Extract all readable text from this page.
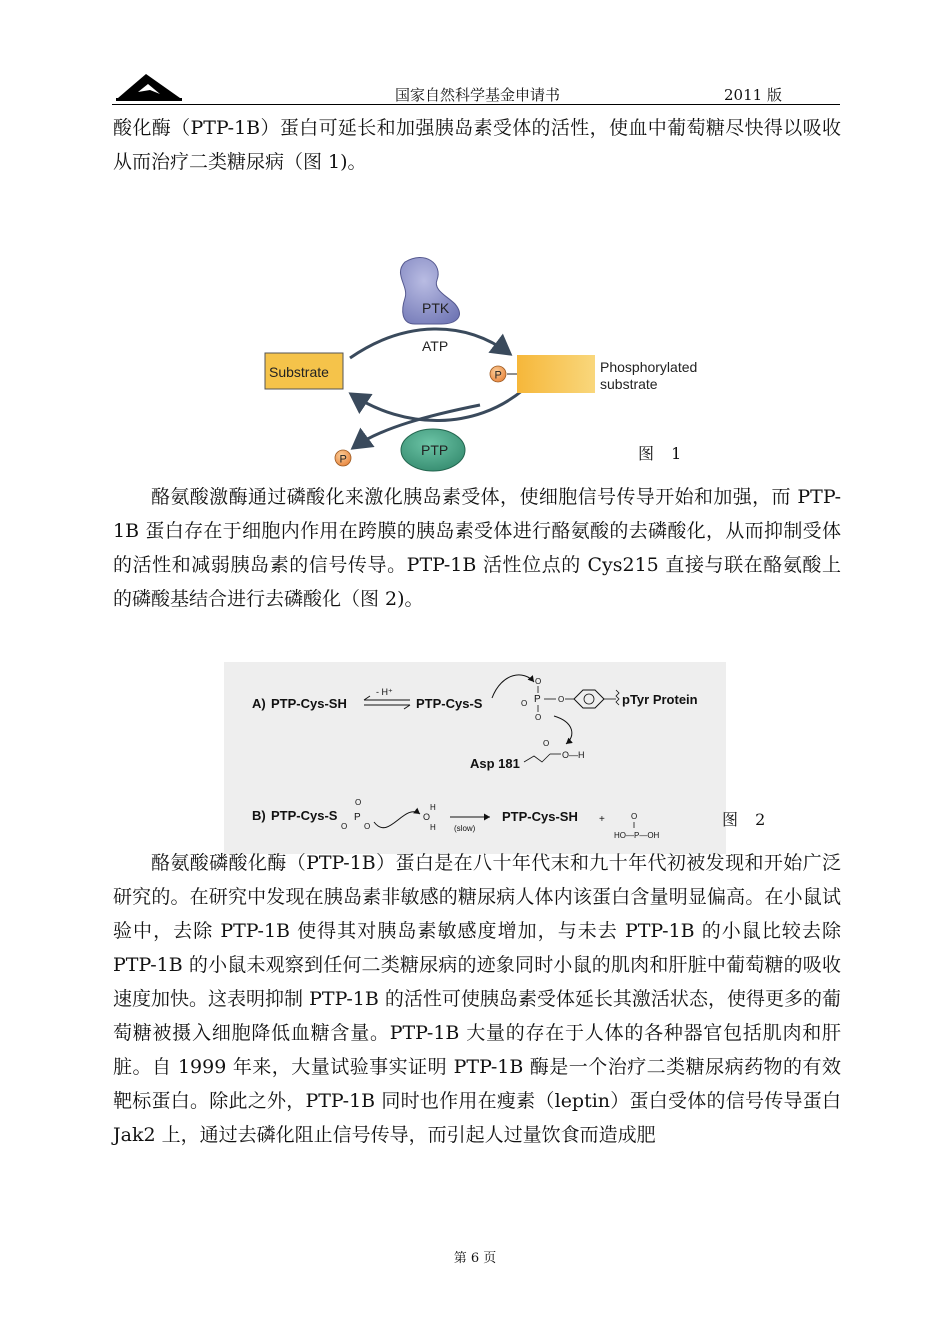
国家自然科学基金申请书	2011 版

酸化酶（PTP-1B）蛋白可延长和加强胰岛素受体的活性，使血中葡萄糖尽快得以吸收从而治疗二类糖尿病（图 1)。

PTK
ATP
Substrate	P
Phosphorylated
substrate
PTP
P	图 1

酪氨酸激酶通过磷酸化来激化胰岛素受体，使细胞信号传导开始和加强，而 PTP-1B 蛋白存在于细胞内作用在跨膜的胰岛素受体进行酪氨酸的去磷酸化，从而抑制受体的活性和减弱胰岛素的信号传导。PTP-1B 活性位点的 Cys215 直接与联在酪氨酸上的磷酸基结合进行去磷酸化（图 2)。

A) PTP-Cys-SH
- H⁺
PTP-Cys-S
O
P
O
O
O	pTyr Protein
Asp 181
O
O—H
B) PTP-Cys-S P
O
O O
O
H
H (slow)
PTP-Cys-SH +	O
HO—P—OH
图 2

酪氨酸磷酸化酶（PTP-1B）蛋白是在八十年代末和九十年代初被发现和开始广泛研究的。在研究中发现在胰岛素非敏感的糖尿病人体内该蛋白含量明显偏高。在小鼠试验中，去除 PTP-1B 使得其对胰岛素敏感度增加，与未去 PTP-1B 的小鼠比较去除 PTP-1B 的小鼠未观察到任何二类糖尿病的迹象同时小鼠的肌肉和肝脏中葡萄糖的吸收速度加快。这表明抑制 PTP-1B 的活性可使胰岛素受体延长其激活状态，使得更多的葡萄糖被摄入细胞降低血糖含量。PTP-1B 大量的存在于人体的各种器官包括肌肉和肝脏。自 1999 年来，大量试验事实证明 PTP-1B 酶是一个治疗二类糖尿病药物的有效靶标蛋白。除此之外，PTP-1B 同时也作用在瘦素（leptin）蛋白受体的信号传导蛋白 Jak2 上，通过去磷化阻止信号传导，而引起人过量饮食而造成肥

第 6 页
